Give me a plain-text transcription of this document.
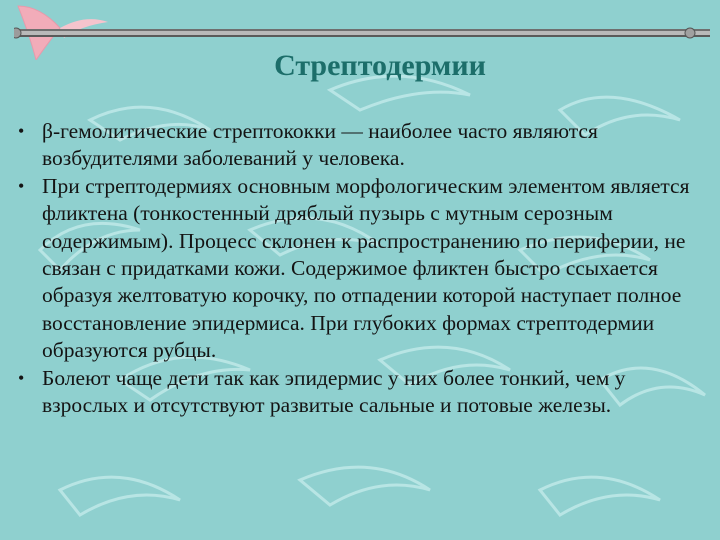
Стрептодермии
• β-гемолитические стрептококки — наиболее часто являются возбудителями заболеваний у человека.
• При стрептодермиях основным морфологическим элементом является фликтена (тонкостенный дряблый пузырь с мутным серозным содержимым). Процесс склонен к распространению по периферии, не связан с придатками кожи. Содержимое фликтен быстро ссыхается образуя желтоватую корочку, по отпадении которой наступает полное восстановление эпидермиса. При глубоких формах стрептодермии образуются рубцы.
• Болеют чаще дети так как эпидермис у них более тонкий, чем у взрослых и отсутствуют развитые сальные и потовые железы.
